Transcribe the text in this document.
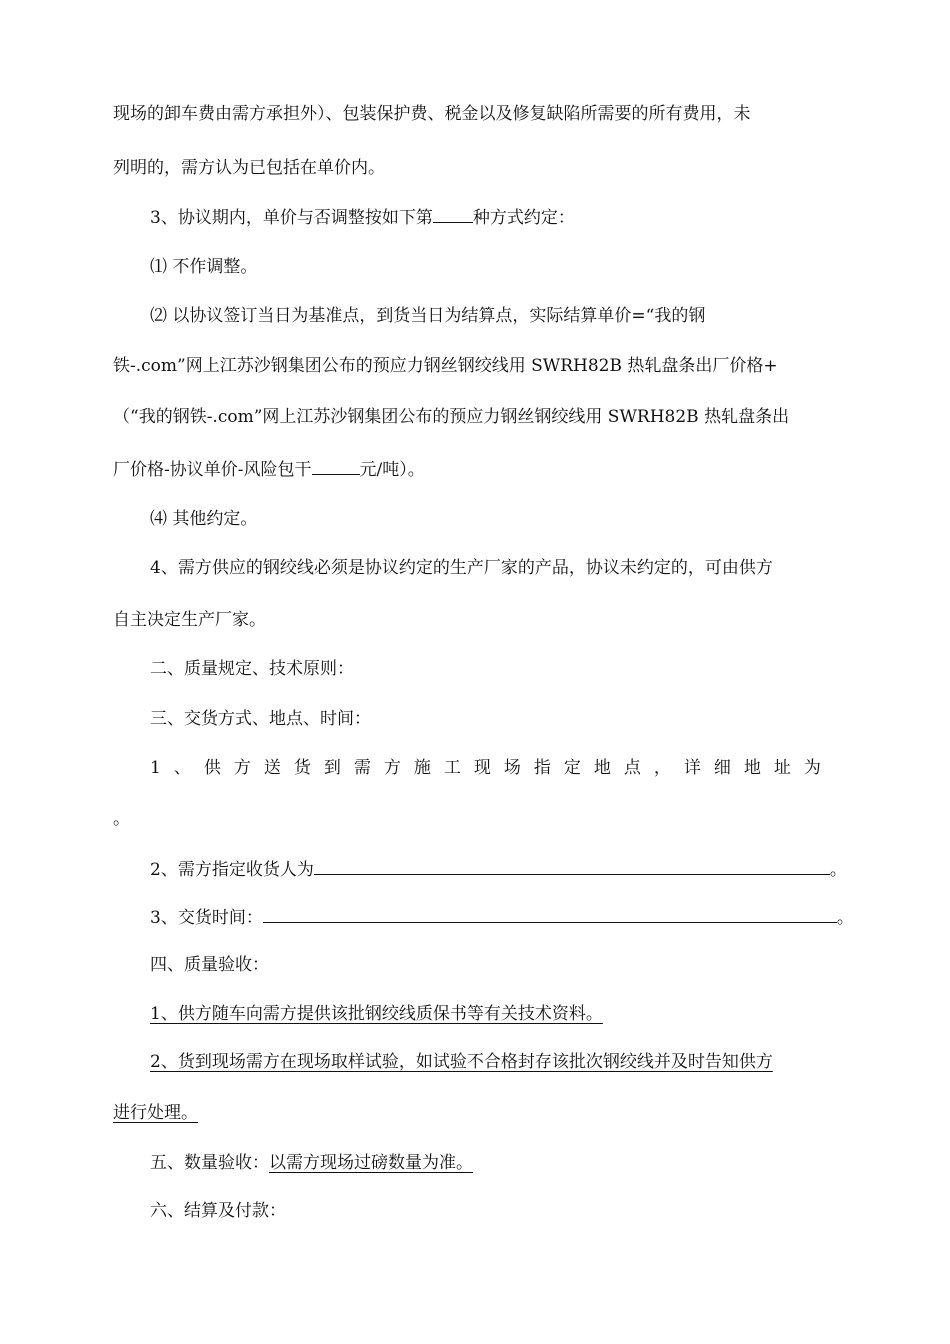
现场的卸车费由需方承担外）、包装保护费、税金以及修复缺陷所需要的所有费用，未
列明的，需方认为已包括在单价内。
3、协议期内，单价与否调整按如下第 种方式约定：
⑴ 不作调整。
⑵ 以协议签订当日为基准点，到货当日为结算点，实际结算单价=“我的钢
铁-.com”网上江苏沙钢集团公布的预应力钢丝钢绞线用 SWRH82B 热轧盘条出厂价格+
（“我的钢铁-.com”网上江苏沙钢集团公布的预应力钢丝钢绞线用 SWRH82B 热轧盘条出
厂价格-协议单价-风险包干	元/吨）。
⑷ 其他约定。
4、需方供应的钢绞线必须是协议约定的生产厂家的产品，协议未约定的，可由供方
自主决定生产厂家。
二、质量规定、技术原则：
三、交货方式、地点、时间：
1、供方送货到需方施工现场指定地点，详细地址为
。
2、需方指定收货人为	。
3、交货时间：	。
四、质量验收：
1、供方随车向需方提供该批钢绞线质保书等有关技术资料。
2、货到现场需方在现场取样试验，如试验不合格封存该批次钢绞线并及时告知供方
进行处理。
五、数量验收：以需方现场过磅数量为准。
六、结算及付款：
